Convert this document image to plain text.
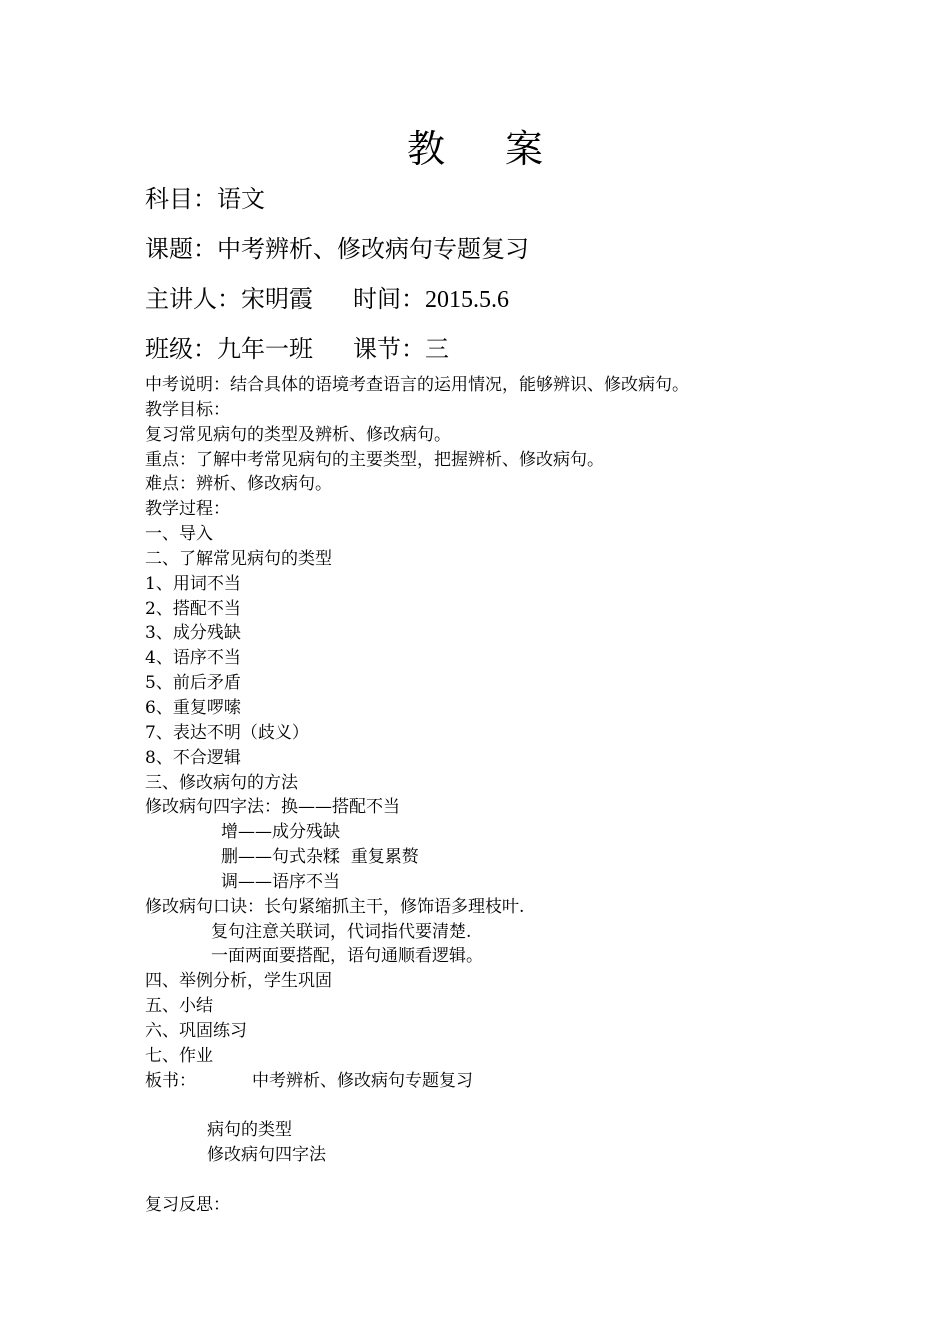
教 案
科目：语文
课题：中考辨析、修改病句专题复习
主讲人：宋明霞 时间：2015.5.6
班级：九年一班 课节：三
中考说明：结合具体的语境考查语言的运用情况，能够辨识、修改病句。
教学目标：
复习常见病句的类型及辨析、修改病句。
重点：了解中考常见病句的主要类型，把握辨析、修改病句。
难点：辨析、修改病句。
教学过程：
一、导入
二、了解常见病句的类型
1、用词不当
2、搭配不当
3、成分残缺
4、语序不当
5、前后矛盾
6、重复啰嗦
7、表达不明（歧义）
8、不合逻辑
三、修改病句的方法
修改病句四字法：换——搭配不当
增——成分残缺
删——句式杂糅  重复累赘
调——语序不当
修改病句口诀：长句紧缩抓主干，修饰语多理枝叶.
复句注意关联词，代词指代要清楚.
一面两面要搭配，语句通顺看逻辑。
四、举例分析，学生巩固
五、小结
六、巩固练习
七、作业
板书：	中考辨析、修改病句专题复习
病句的类型
修改病句四字法
复习反思：
